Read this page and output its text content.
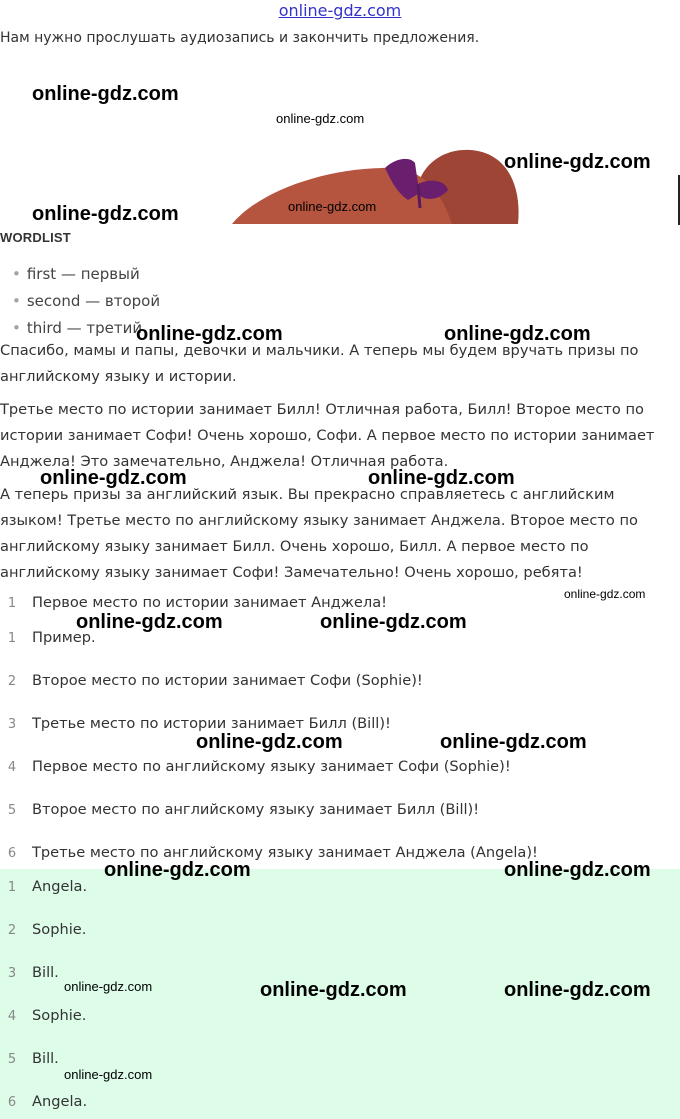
online-gdz.com
Нам нужно прослушать аудиозапись и закончить предложения.
WORDLIST
• first — первый
• second — второй
• third — третий
Спасибо, мамы и папы, девочки и мальчики. А теперь мы будем вручать призы по английскому языку и истории.
Третье место по истории занимает Билл! Отличная работа, Билл! Второе место по истории занимает Софи! Очень хорошо, Софи. А первое место по истории занимает Анджела! Это замечательно, Анджела! Отличная работа.
А теперь призы за английский язык. Вы прекрасно справляетесь с английским языком! Третье место по английскому языку занимает Анджела. Второе место по английскому языку занимает Билл. Очень хорошо, Билл. А первое место по английскому языку занимает Софи! Замечательно! Очень хорошо, ребята!
1 Первое место по истории занимает Анджела!
1 Пример.
2 Второе место по истории занимает Софи (Sophie)!
3 Третье место по истории занимает Билл (Bill)!
4 Первое место по английскому языку занимает Софи (Sophie)!
5 Второе место по английскому языку занимает Билл (Bill)!
6 Третье место по английскому языку занимает Анджела (Angela)!
1 Angela.
2 Sophie.
3 Bill.
4 Sophie.
5 Bill.
6 Angela.
online-gdz.com
online-gdz.com
online-gdz.com
online-gdz.com	online-gdz.com
online-gdz.com	online-gdz.com
online-gdz.com	online-gdz.com
online-gdz.com
online-gdz.com	online-gdz.com
online-gdz.com	online-gdz.com
online-gdz.com	online-gdz.com
online-gdz.com	online-gdz.com	online-gdz.com
online-gdz.com
